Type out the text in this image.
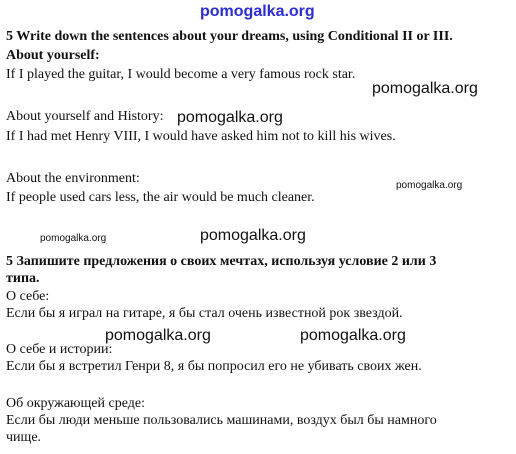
pomogalka.org
5 Write down the sentences about your dreams, using Conditional II or III.
About yourself:
If I played the guitar, I would become a very famous rock star.
pomogalka.org
About yourself and History: pomogalka.org
If I had met Henry VIII, I would have asked him not to kill his wives.
About the environment:	pomogalka.org
If people used cars less, the air would be much cleaner.
pomogalka.org	pomogalka.org
5 Запишите предложения о своих мечтах, используя условие 2 или 3
типа.
О себе:
Если бы я играл на гитаре, я бы стал очень известной рок звездой.
pomogalka.org	pomogalka.org
О себе и истории:
Если бы я встретил Генри 8, я бы попросил его не убивать своих жен.
Об окружающей среде:
Если бы люди меньше пользовались машинами, воздух был бы намного
чище.
